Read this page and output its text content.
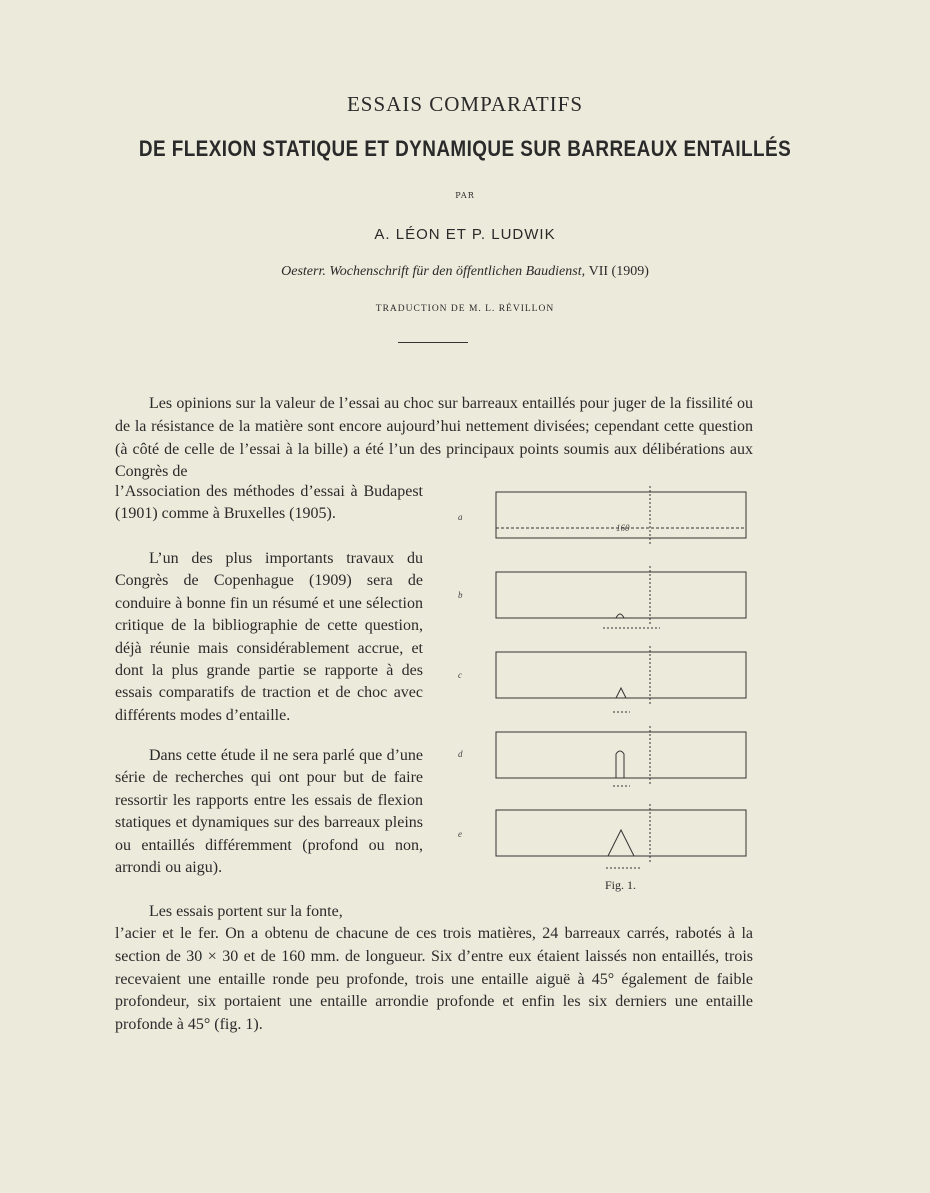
ESSAIS COMPARATIFS
DE FLEXION STATIQUE ET DYNAMIQUE SUR BARREAUX ENTAILLÉS
PAR
A. LÉON ET P. LUDWIK
Oesterr. Wochenschrift für den öffentlichen Baudienst, VII (1909)
TRADUCTION DE M. L. RÉVILLON

Les opinions sur la valeur de l’essai au choc sur barreaux entaillés pour juger de la fissilité ou de la résistance de la matière sont encore aujourd’hui nettement divisées; cependant cette question (à côté de celle de l’essai à la bille) a été l’un des principaux points soumis aux délibérations aux Congrès de

l’Association des méthodes d’essai à Budapest (1901) comme à Bruxelles (1905).

L’un des plus importants travaux du Congrès de Copenhague (1909) sera de conduire à bonne fin un résumé et une sélection critique de la bibliographie de cette question, déjà réunie mais considérablement accrue, et dont la plus grande partie se rapporte à des essais comparatifs de traction et de choc avec différents modes d’entaille.

Dans cette étude il ne sera parlé que d’une série de recherches qui ont pour but de faire ressortir les rapports entre les essais de flexion statiques et dynamiques sur des barreaux pleins ou entaillés différemment (profond ou non, arrondi ou aigu).

Les essais portent sur la fonte,

l’acier et le fer. On a obtenu de chacune de ces trois matières, 24 barreaux carrés, rabotés à la section de 30 × 30 et de 160 mm. de longueur. Six d’entre eux étaient laissés non entaillés, trois recevaient une entaille ronde peu profonde, trois une entaille aiguë à 45° également de faible profondeur, six portaient une entaille arrondie profonde et enfin les six derniers une entaille profonde à 45° (fig. 1).

a
b
c
d
e
160
Fig. 1.
